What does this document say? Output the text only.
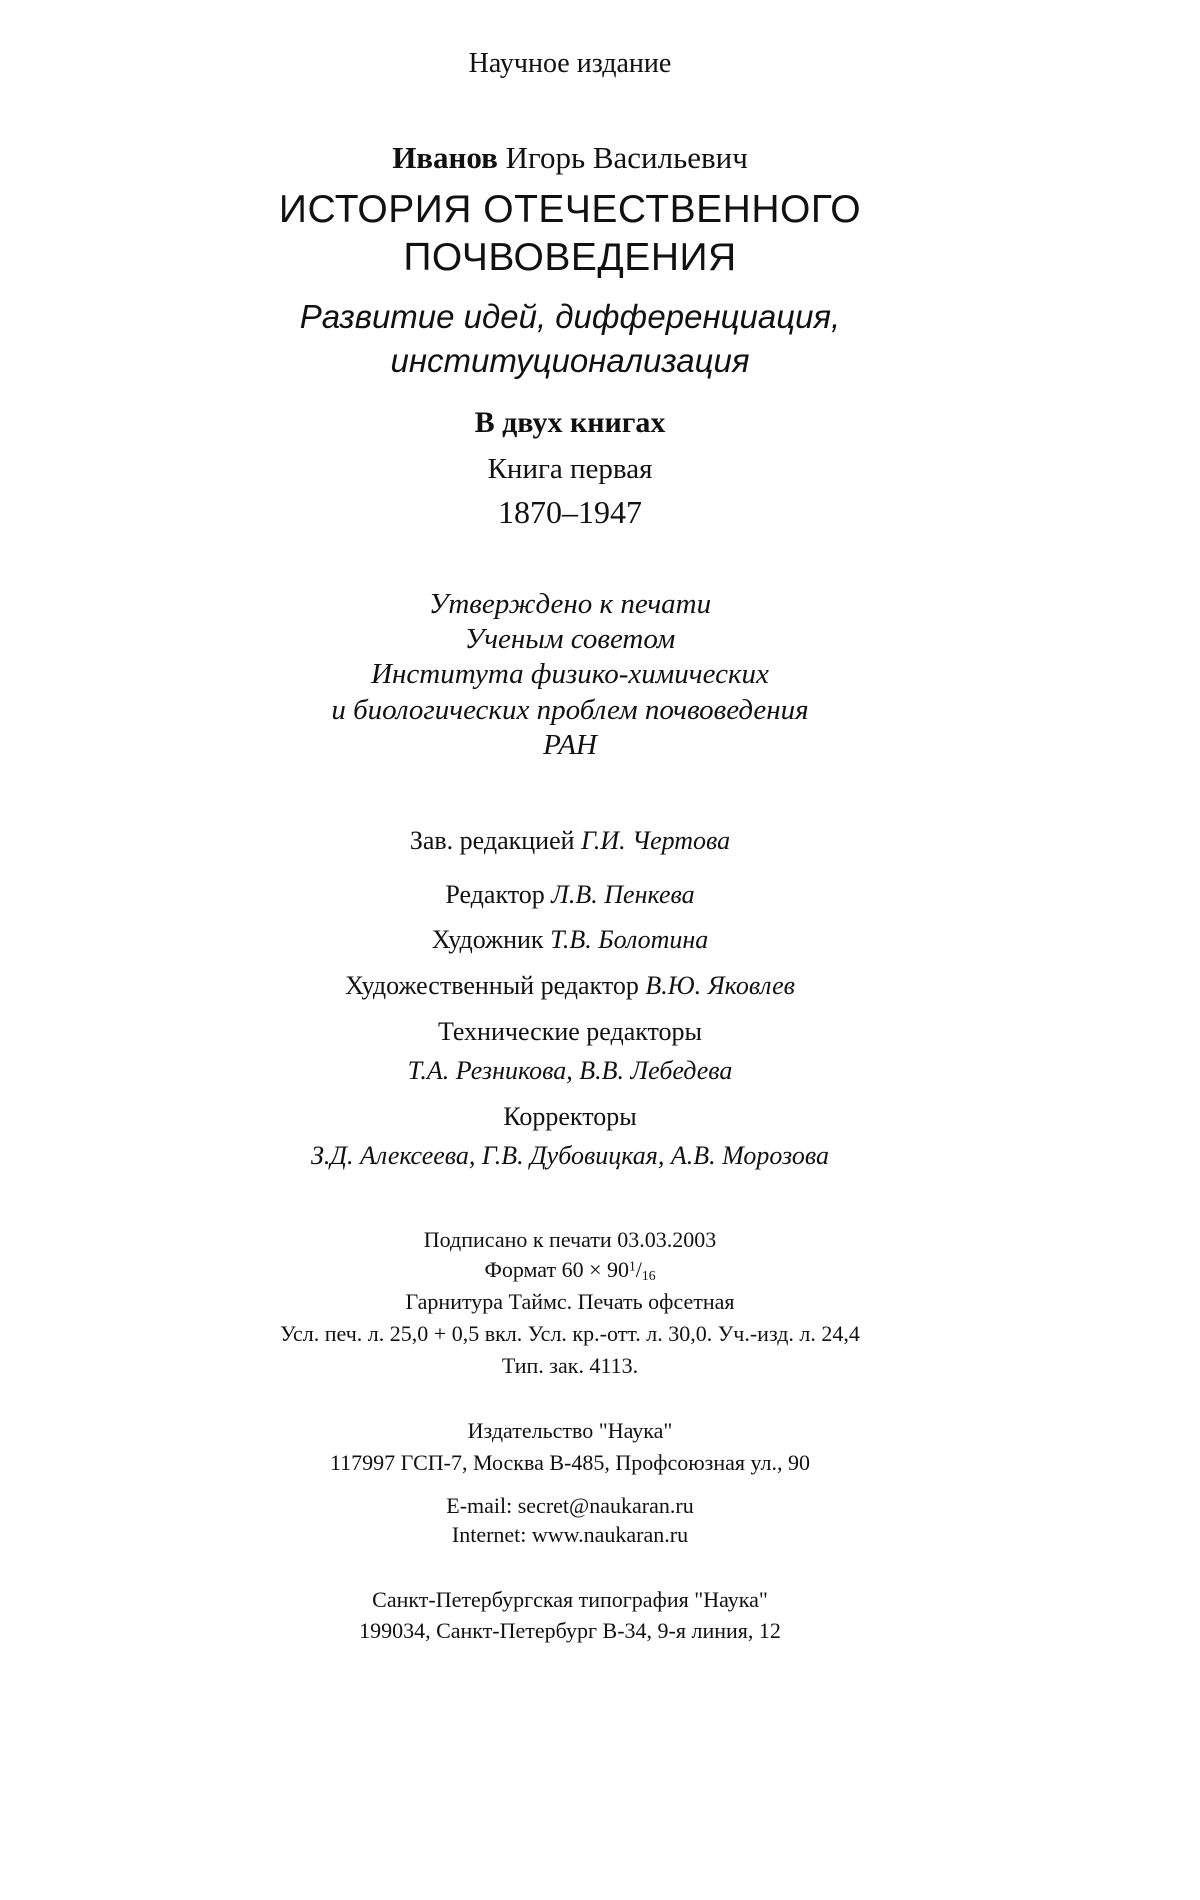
Научное издание
Иванов Игорь Васильевич
ИСТОРИЯ ОТЕЧЕСТВЕННОГО
ПОЧВОВЕДЕНИЯ
Развитие идей, дифференциация,
институционализация
В двух книгах
Книга первая
1870–1947
Утверждено к печати
Ученым советом
Института физико-химических
и биологических проблем почвоведения
РАН
Зав. редакцией Г.И. Чертова
Редактор Л.В. Пенкева
Художник Т.В. Болотина
Художественный редактор В.Ю. Яковлев
Технические редакторы
Т.А. Резникова, В.В. Лебедева
Корректоры
З.Д. Алексеева, Г.В. Дубовицкая, А.В. Морозова
Подписано к печати 03.03.2003
Формат $60 \times 90^1/16$
Гарнитура Таймс. Печать офсетная
Усл. печ. л. 25,0 + 0,5 вкл. Усл. кр.-отт. л. 30,0. Уч.-изд. л. 24,4
Тип. зак. 4113.
Издательство "Наука"
117997 ГСП-7, Москва В-485, Профсоюзная ул., 90
E-mail: secret@naukaran.ru
Internet: www.naukaran.ru
Санкт-Петербургская типография "Наука"
199034, Санкт-Петербург В-34, 9-я линия, 12
